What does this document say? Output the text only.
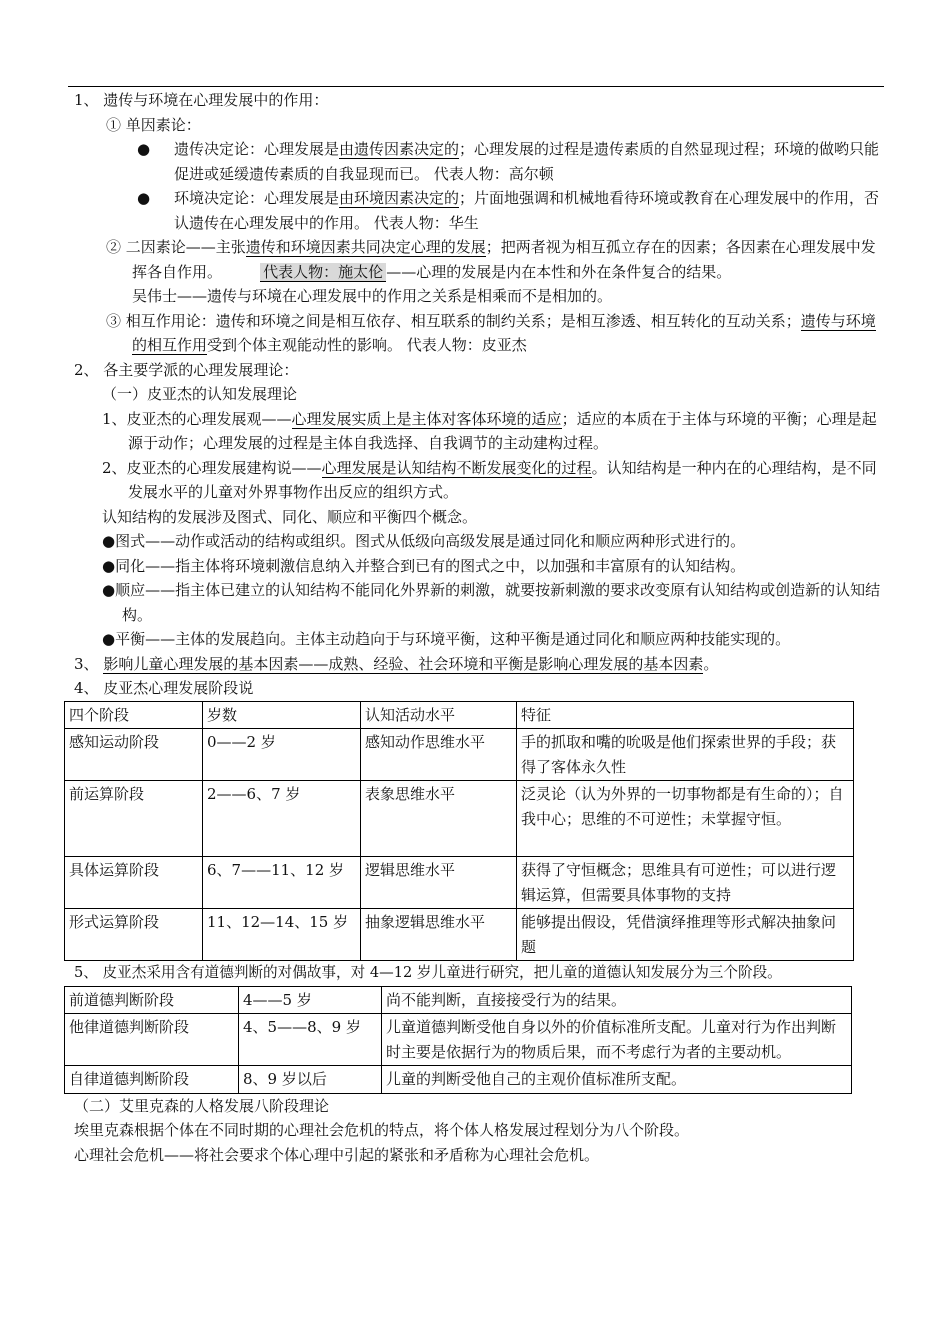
1、 遗传与环境在心理发展中的作用：

① 单因素论：

●	遗传决定论：心理发展是由遗传因素决定的；心理发展的过程是遗传素质的自然显现过程；环境的做哟只能促进或延缓遗传素质的自我显现而已。 代表人物：高尔顿

●	环境决定论：心理发展是由环境因素决定的；片面地强调和机械地看待环境或教育在心理发展中的作用，否认遗传在心理发展中的作用。 代表人物：华生

② 二因素论——主张遗传和环境因素共同决定心理的发展；把两者视为相互孤立存在的因素；各因素在心理发展中发挥各自作用。	代表人物：施太伦 ——心理的发展是内在本性和外在条件复合的结果。

吴伟士——遗传与环境在心理发展中的作用之关系是相乘而不是相加的。

③ 相互作用论：遗传和环境之间是相互依存、相互联系的制约关系；是相互渗透、相互转化的互动关系；遗传与环境的相互作用受到个体主观能动性的影响。 代表人物：皮亚杰

2、 各主要学派的心理发展理论：

（一）皮亚杰的认知发展理论

1、皮亚杰的心理发展观——心理发展实质上是主体对客体环境的适应；适应的本质在于主体与环境的平衡；心理是起源于动作；心理发展的过程是主体自我选择、自我调节的主动建构过程。

2、皮亚杰的心理发展建构说——心理发展是认知结构不断发展变化的过程。认知结构是一种内在的心理结构，是不同发展水平的儿童对外界事物作出反应的组织方式。

认知结构的发展涉及图式、同化、顺应和平衡四个概念。

●图式——动作或活动的结构或组织。图式从低级向高级发展是通过同化和顺应两种形式进行的。

●同化——指主体将环境刺激信息纳入并整合到已有的图式之中，以加强和丰富原有的认知结构。

●顺应——指主体已建立的认知结构不能同化外界新的刺激，就要按新刺激的要求改变原有认知结构或创造新的认知结构。

●平衡——主体的发展趋向。主体主动趋向于与环境平衡，这种平衡是通过同化和顺应两种技能实现的。

3、 影响儿童心理发展的基本因素——成熟、经验、社会环境和平衡是影响心理发展的基本因素。

4、 皮亚杰心理发展阶段说

四个阶段	岁数	认知活动水平	特征
感知运动阶段	0——2 岁	感知动作思维水平	手的抓取和嘴的吮吸是他们探索世界的手段；获得了客体永久性
前运算阶段	2——6、7 岁	表象思维水平	泛灵论（认为外界的一切事物都是有生命的）；自我中心；思维的不可逆性；未掌握守恒。
具体运算阶段	6、7——11、12 岁	逻辑思维水平	获得了守恒概念；思维具有可逆性；可以进行逻辑运算，但需要具体事物的支持
形式运算阶段	11、12—14、15 岁	抽象逻辑思维水平	能够提出假设，凭借演绎推理等形式解决抽象问题

5、 皮亚杰采用含有道德判断的对偶故事，对 4—12 岁儿童进行研究，把儿童的道德认知发展分为三个阶段。

前道德判断阶段	4——5 岁	尚不能判断，直接接受行为的结果。
他律道德判断阶段	4、5——8、9 岁	儿童道德判断受他自身以外的价值标准所支配。儿童对行为作出判断时主要是依据行为的物质后果，而不考虑行为者的主要动机。
自律道德判断阶段	8、9 岁以后	儿童的判断受他自己的主观价值标准所支配。

（二）艾里克森的人格发展八阶段理论

埃里克森根据个体在不同时期的心理社会危机的特点，将个体人格发展过程划分为八个阶段。

心理社会危机——将社会要求个体心理中引起的紧张和矛盾称为心理社会危机。
